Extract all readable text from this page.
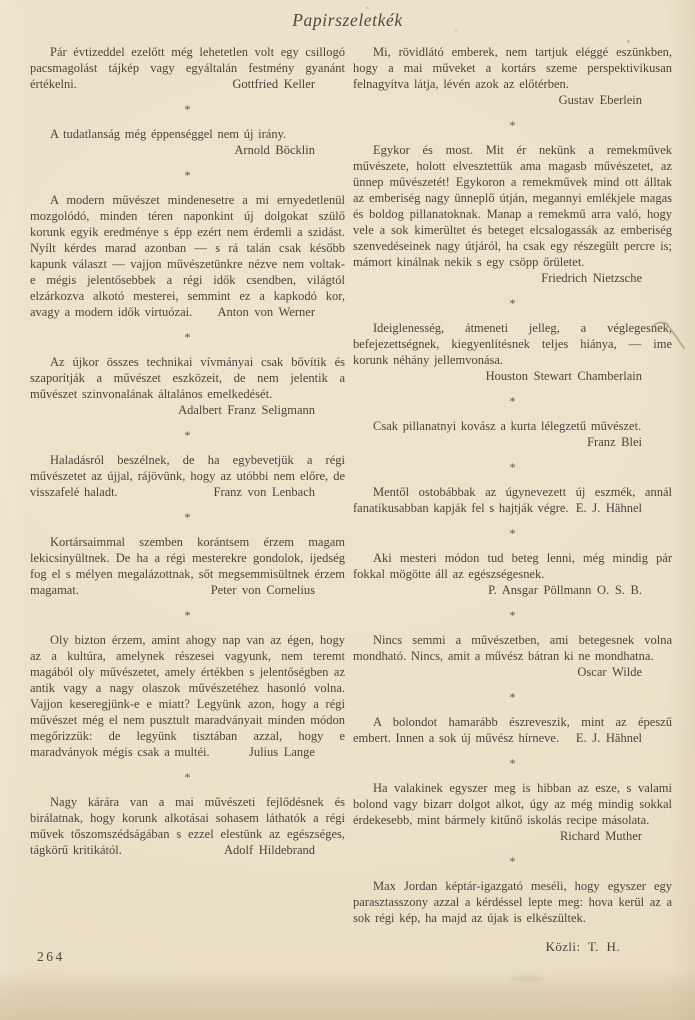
Papirszeletkék

Pár évtizeddel ezelőtt még lehetetlen volt egy csillogó pacsmagolást tájkép vagy egyáltalán festmény gyanánt értékelni.	Gottfried Keller

*

A tudatlanság még éppenséggel nem új irány.
Arnold Böcklin

*

A modern művészet mindenesetre a mi ernyedetlenül mozgolódó, minden téren naponkint új dolgokat szülő korunk egyik eredménye s épp ezért nem érdemli a szidást. Nyílt kérdes marad azonban — s rá talán csak később kapunk választ — vajjon művészetünkre nézve nem voltak-e mégis jelentősebbek a régi idők csendben, világtól elzárkozva alkotó mesterei, semmint ez a kapkodó kor, avagy a modern idők virtuózai. Anton von Werner

*

Az újkor összes technikai vívmányai csak bővítik és szaporítják a művészet eszközeit, de nem jelentik a művészet szinvonalának általános emelkedését.
Adalbert Franz Seligmann

*

Haladásról beszélnek, de ha egybevetjük a régi művészetet az újjal, rájövünk, hogy az utóbbi nem előre, de visszafelé haladt.	Franz von Lenbach

*

Kortársaimmal szemben korántsem érzem magam lekicsinyültnek. De ha a régi mesterekre gondolok, ijedség fog el s mélyen megalázottnak, sőt megsemmisültnek érzem magamat.	Peter von Cornelius

*

Oly bizton érzem, amint ahogy nap van az égen, hogy az a kultúra, amelynek részesei vagyunk, nem teremt magából oly művészetet, amely értékben s jelentőségben az antik vagy a nagy olaszok művészetéhez hasonló volna. Vajjon keseregjünk-e e miatt? Legyünk azon, hogy a régi művészet még el nem pusztult maradványait minden módon megőrizzük: de legyünk tisztában azzal, hogy e maradványok mégis csak a multéi.	Julius Lange

*

Nagy kárára van a mai művészeti fejlődésnek és birálatnak, hogy korunk alkotásai sohasem láthatók a régi művek tőszomszédságában s ezzel elestünk az egészséges, tágkörű kritikától.	Adolf Hildebrand

Mi, rövidlátó emberek, nem tartjuk eléggé eszünkben, hogy a mai műveket a kortárs szeme perspektivikusan felnagyítva látja, lévén azok az előtérben.
Gustav Eberlein

*

Egykor és most. Mit ér nekünk a remekművek művészete, holott elvesztettük ama magasb művészetet, az ünnep művészetét! Egykoron a remekművek mind ott álltak az emberiség nagy ünneplő útján, megannyi emlékjele magas és boldog pillanatoknak. Manap a remekmű arra való, hogy vele a sok kimerültet és beteget elcsalogassák az emberiség szenvedéseinek nagy útjáról, ha csak egy részegült percre is; mámort kinálnak nekik s egy csöpp őrületet.
Friedrich Nietzsche

*

Ideiglenesség, átmeneti jelleg, a véglegesnek, befejezettségnek, kiegyenlítésnek teljes hiánya, — ime korunk néhány jellemvonása.
Houston Stewart Chamberlain

*

Csak pillanatnyi kovász a kurta lélegzetű művészet.
Franz Blei

*

Mentől ostobábbak az úgynevezett új eszmék, annál fanatikusabban kapják fel s hajtják végre. E. J. Hähnel

*

Aki mesteri módon tud beteg lenni, még mindig pár fokkal mögötte áll az egészségesnek.
P. Ansgar Pöllmann O. S. B.

*

Nincs semmi a művészetben, ami betegesnek volna mondható. Nincs, amit a művész bátran ki ne mondhatna.
Oscar Wilde

*

A bolondot hamarább észreveszik, mint az épeszű embert. Innen a sok új művész hírneve. E. J. Hähnel

*

Ha valakinek egyszer meg is hibban az esze, s valami bolond vagy bizarr dolgot alkot, úgy az még mindig sokkal érdekesebb, mint bármely kitűnő iskolás recipe másolata.
Richard Muther

*

Max Jordan képtár-igazgató meséli, hogy egyszer egy parasztasszony azzal a kérdéssel lepte meg: hova kerül az a sok régi kép, ha majd az újak is elkészültek.

Közli: T. H.
264
